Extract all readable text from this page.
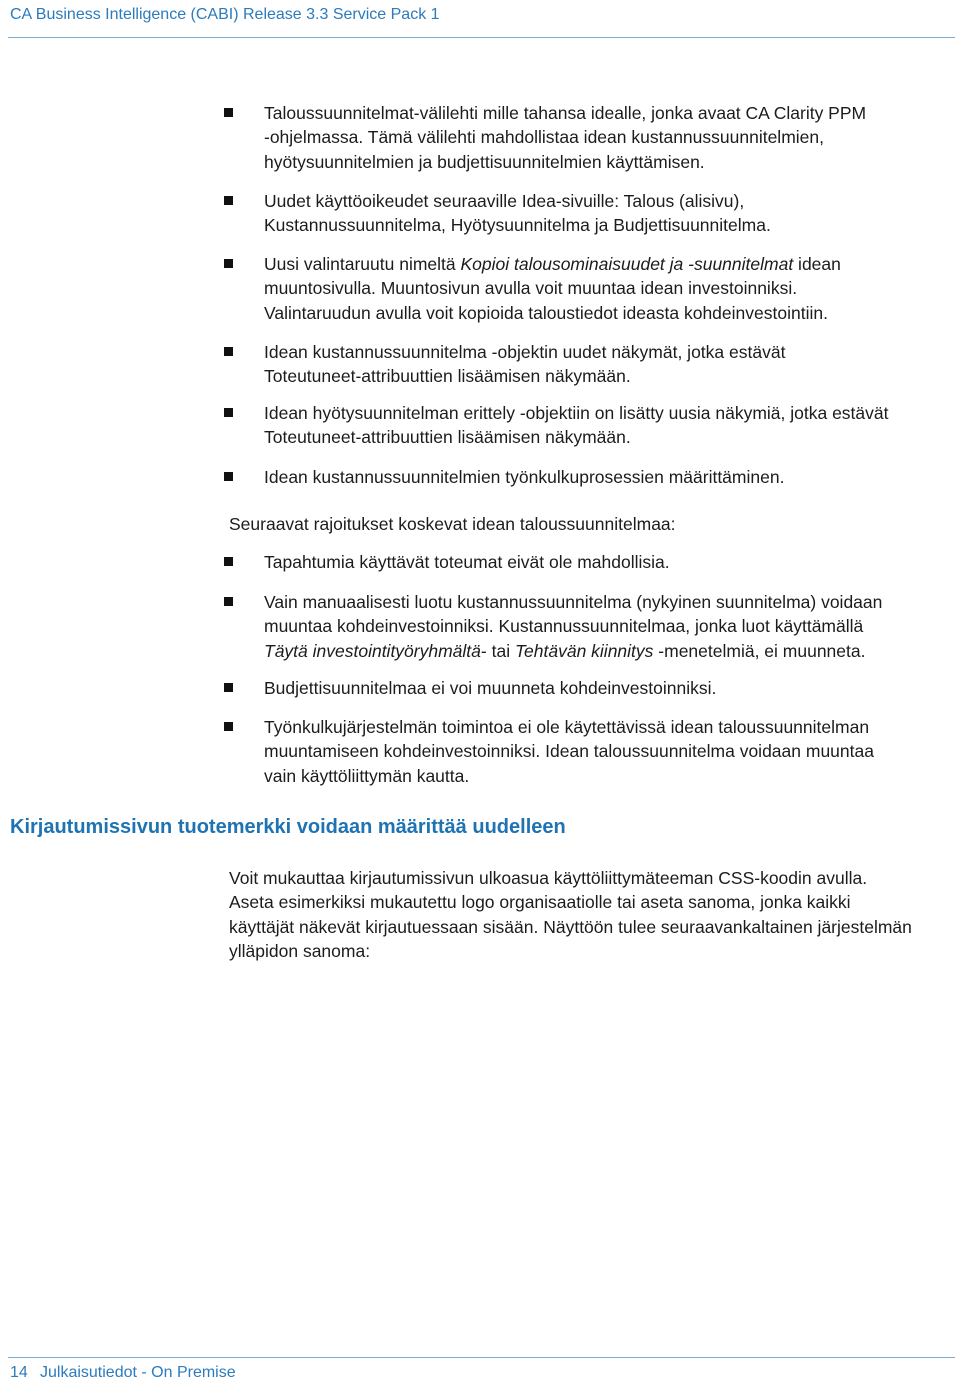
CA Business Intelligence (CABI) Release 3.3 Service Pack 1
Taloussuunnitelmat-välilehti mille tahansa idealle, jonka avaat CA Clarity PPM
-ohjelmassa. Tämä välilehti mahdollistaa idean kustannussuunnitelmien,
hyötysuunnitelmien ja budjettisuunnitelmien käyttämisen.
Uudet käyttöoikeudet seuraaville Idea-sivuille: Talous (alisivu),
Kustannussuunnitelma, Hyötysuunnitelma ja Budjettisuunnitelma.
Uusi valintaruutu nimeltä Kopioi talousominaisuudet ja -suunnitelmat idean
muuntosivulla. Muuntosivun avulla voit muuntaa idean investoinniksi.
Valintaruudun avulla voit kopioida taloustiedot ideasta kohdeinvestointiin.
Idean kustannussuunnitelma -objektin uudet näkymät, jotka estävät
Toteutuneet-attribuuttien lisäämisen näkymään.
Idean hyötysuunnitelman erittely -objektiin on lisätty uusia näkymiä, jotka estävät
Toteutuneet-attribuuttien lisäämisen näkymään.
Idean kustannussuunnitelmien työnkulkuprosessien määrittäminen.
Seuraavat rajoitukset koskevat idean taloussuunnitelmaa:
Tapahtumia käyttävät toteumat eivät ole mahdollisia.
Vain manuaalisesti luotu kustannussuunnitelma (nykyinen suunnitelma) voidaan
muuntaa kohdeinvestoinniksi. Kustannussuunnitelmaa, jonka luot käyttämällä
Täytä investointityöryhmältä- tai Tehtävän kiinnitys -menetelmiä, ei muunneta.
Budjettisuunnitelmaa ei voi muunneta kohdeinvestoinniksi.
Työnkulkujärjestelmän toimintoa ei ole käytettävissä idean taloussuunnitelman
muuntamiseen kohdeinvestoinniksi. Idean taloussuunnitelma voidaan muuntaa
vain käyttöliittymän kautta.
Kirjautumissivun tuotemerkki voidaan määrittää uudelleen
Voit mukauttaa kirjautumissivun ulkoasua käyttöliittymäteeman CSS-koodin avulla.
Aseta esimerkiksi mukautettu logo organisaatiolle tai aseta sanoma, jonka kaikki
käyttäjät näkevät kirjautuessaan sisään. Näyttöön tulee seuraavankaltainen järjestelmän
ylläpidon sanoma:
14 Julkaisutiedot - On Premise
